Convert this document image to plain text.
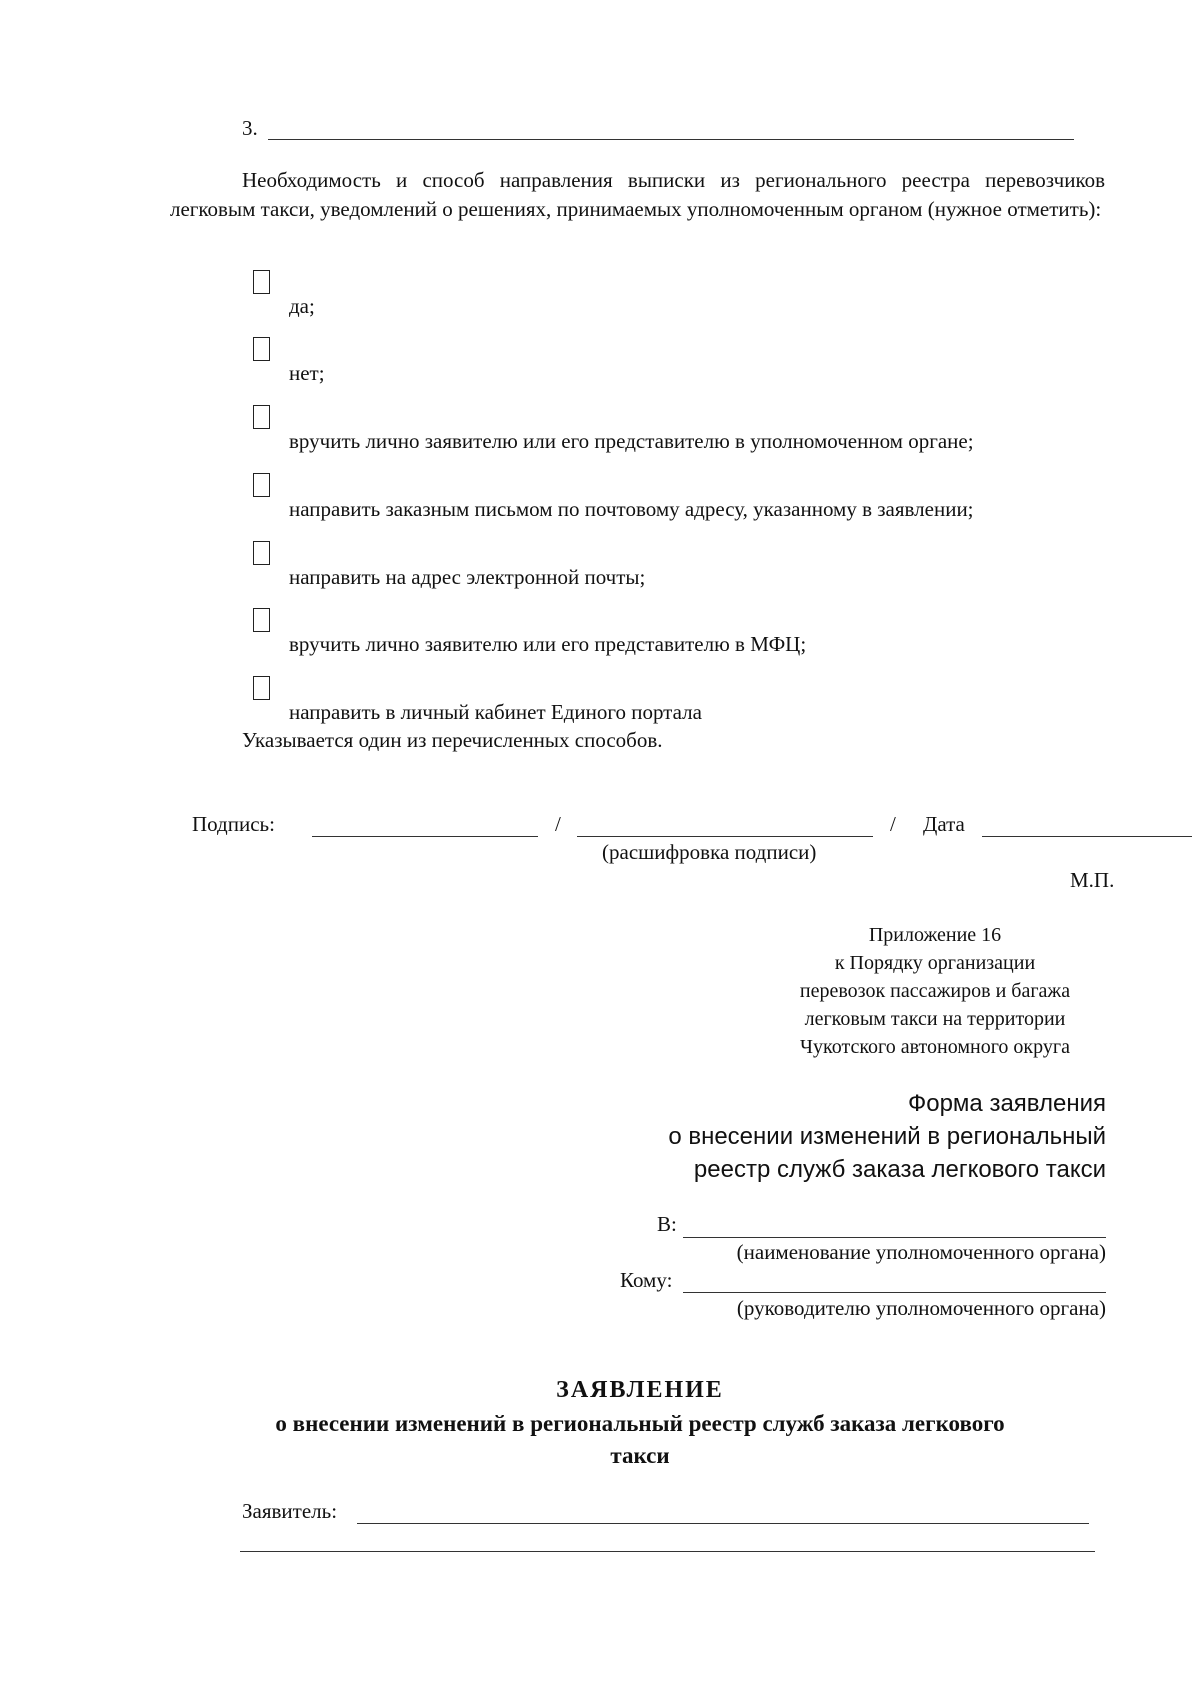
3.
Необходимость и способ направления выписки из регионального реестра перевозчиков легковым такси, уведомлений о решениях, принимаемых уполномоченным органом (нужное отметить):
да;
нет;
вручить лично заявителю или его представителю в уполномоченном органе;
направить заказным письмом по почтовому адресу, указанному в заявлении;
направить на адрес электронной почты;
вручить лично заявителю или его представителю в МФЦ;
направить в личный кабинет Единого портала
Указывается один из перечисленных способов.
Подпись:	/	/ Дата
(расшифровка подписи)
М.П.
Приложение 16
к Порядку организации
перевозок пассажиров и багажа
легковым такси на территории
Чукотского автономного округа
Форма заявления
о внесении изменений в региональный
реестр служб заказа легкового такси
В:
(наименование уполномоченного органа)
Кому:
(руководителю уполномоченного органа)
ЗАЯВЛЕНИЕ
о внесении изменений в региональный реестр служб заказа легкового
такси
Заявитель:
